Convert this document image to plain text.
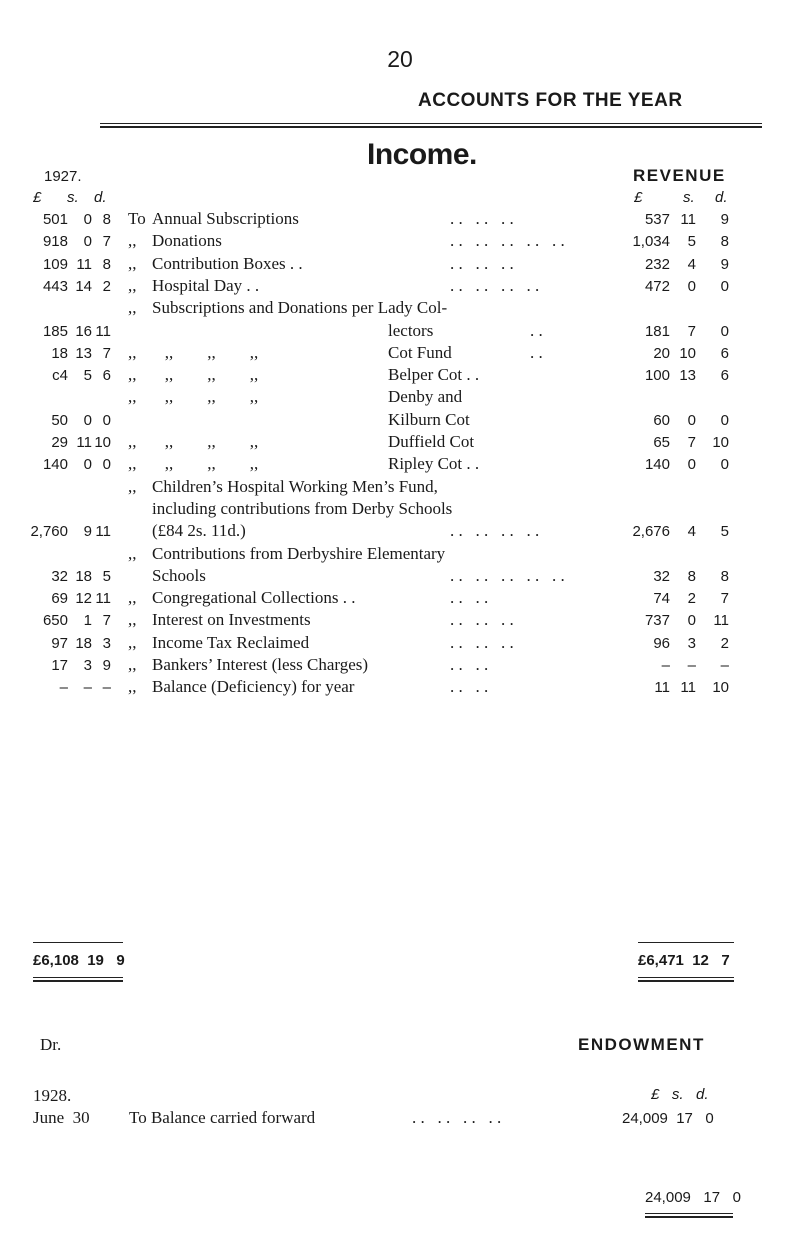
20
ACCOUNTS FOR THE YEAR
Income.
1927.	REVENUE
£ s. d.	£	s. d.
501	0 8 To Annual Subscriptions	. .   . .   . .	537 11	9
918	0 7 ,, Donations	. .   . .   . .   . .   . .	1,034	5	8
109 11 8 ,, Contribution Boxes . .	. .   . .   . .	232	4	9
443 14 2 ,, Hospital Day . .	. .   . .   . .   . .	472	0	0
,, Subscriptions and Donations per Lady Col-
185 16 11	lectors	. .	181	7	0
18 13 7 ,, ,,        ,,        ,,	Cot Fund	. .	20 10	6
c4	5 6 ,, ,,        ,,        ,,	Belper Cot . .	100 13	6
,, ,,        ,,        ,,	Denby and
50	0 0	Kilburn Cot	60	0	0
29 11 10 ,, ,,        ,,        ,,	Duffield Cot	65	7	10
140	0 0 ,, ,,        ,,        ,,	Ripley Cot . .	140	0	0
,, Children’s Hospital Working Men’s Fund,
including contributions from Derby Schools
2,760	9 11 (£84 2s. 11d.)	. .   . .   . .   . .	2,676	4	5
,, Contributions from Derbyshire Elementary
32 18 5 Schools	. .   . .   . .   . .   . .	32	8	8
69 12 11 ,, Congregational Collections . .	. .   . .	74	2	7
650	1 7 ,, Interest on Investments	. .   . .   . .	737	0	11
97 18 3 ,, Income Tax Reclaimed	. .   . .   . .	96	3	2
17	3 9 ,, Bankers’ Interest (less Charges)	. .   . .	–	–	–
–	– – ,, Balance (Deficiency) for year	. .   . .	11 11	10
£6,108  19   9	£6,471  12   7
Dr.	ENDOWMENT
1928.	£   s.   d.
June  30 To Balance carried forward	. .   . .   . .   . .	24,009  17   0
24,009   17   0
